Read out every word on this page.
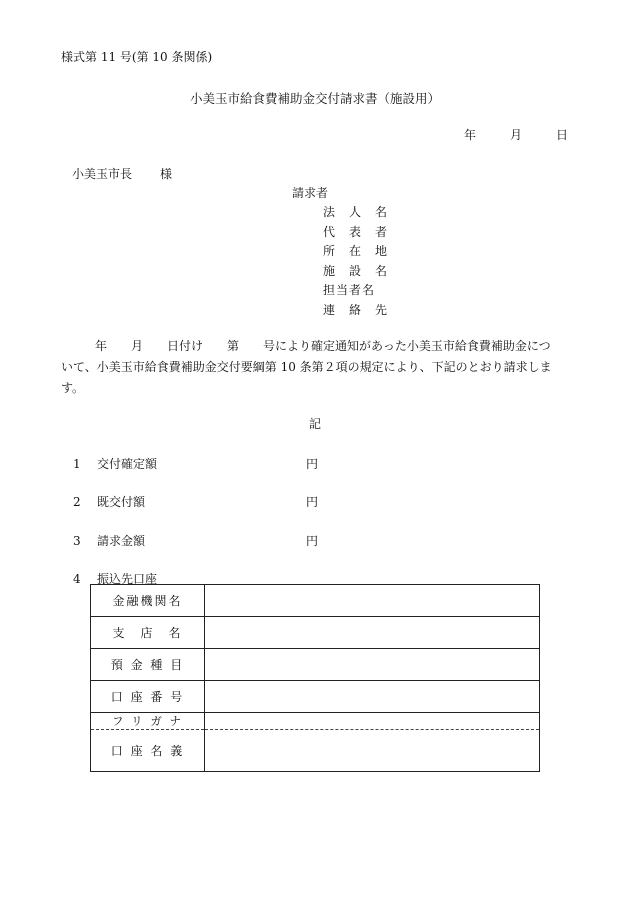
様式第 11 号(第 10 条関係)
小美玉市給食費補助金交付請求書（施設用）
年	月	日
小美玉市長 様
請求者
法　人　名
代　表　者
所　在　地
施　設　名
担当者名
連　絡　先
年　　月　　日付け　　第　　号により確定通知があった小美玉市給食費補助金につ
いて、小美玉市給食費補助金交付要綱第 10 条第２項の規定により、下記のとおり請求します。
記
1 交付確定額	円
2 既交付額	円
3 請求金額	円
4 振込先口座
金融機関名	
支　店　名	
預 金 種 目	
口 座 番 号	
フ リ ガ ナ	
口 座 名 義	
